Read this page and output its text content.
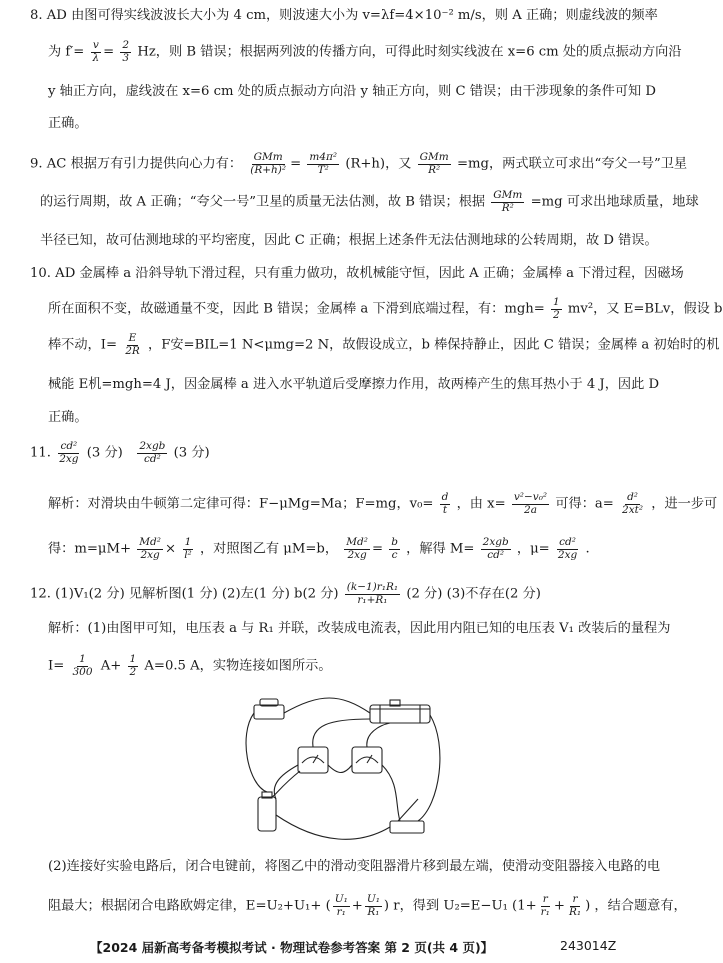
8. AD 由图可得实线波波长大小为 4 cm，则波速大小为 v=λf=4×10⁻² m/s，则 A 正确；则虚线波的频率
为 $f'= \frac{v}{\lambda} = \frac{2}{3}$ Hz，则 B 错误；根据两列波的传播方向，可得此时刻实线波在 x=6 cm 处的质点振动方向沿
y 轴正方向，虚线波在 x=6 cm 处的质点振动方向沿 y 轴正方向，则 C 错误；由干涉现象的条件可知 D
正确。
9. AC 根据万有引力提供向心力有： $\frac{\text{GMm}}{\text{(R+h)²}} = \frac{\text{m4π²}}{\text{T²}} (R+h)$，又 $\frac{\text{GMm}}{\text{R²}} =mg$，两式联立可求出“夸父一号”卫星
的运行周期，故 A 正确；“夸父一号”卫星的质量无法估测，故 B 错误；根据 $\frac{\text{GMm}}{\text{R²}} =mg$ 可求出地球质量，地球
半径已知，故可估测地球的平均密度，因此 C 正确；根据上述条件无法估测地球的公转周期，故 D 错误。
10. AD 金属棒 a 沿斜导轨下滑过程，只有重力做功，故机械能守恒，因此 A 正确；金属棒 a 下滑过程，因磁场
所在面积不变，故磁通量不变，因此 B 错误；金属棒 a 下滑到底端过程，有：$mgh= \frac{1}{2} mv^2$，又 E=BLv，假设 b
棒不动，$I= \frac{E}{2R}$ ，F安=BIL=1 N<μmg=2 N，故假设成立，b 棒保持静止，因此 C 错误；金属棒 a 初始时的机
械能 E机=mgh=4 J，因金属棒 a 进入水平轨道后受摩擦力作用，故两棒产生的焦耳热小于 4 J，因此 D
正确。
11. $\frac{\text{cd²}}{2xg} (3$ 分) $\frac{\text{2xgb}}{\text{cd²}} (3$ 分)
解析：对滑块由牛顿第二定律可得：F−μMg=Ma；F=mg，$v_0= \frac{d}{t}$ ，由 $x= \frac{\text{v²−v₀²}}{2a}$ 可得：$a= \frac{\text{d²}}{\text{2xt²}}$ ，进一步可
得：$m=\mu M+ \frac{\text{Md²}}{2xg} \times \frac{1}{\text{l²}}$ ，对照图乙有 μM=b， $\frac{\text{Md²}}{2xg} = \frac{b}{c}$ ，解得 $M= \frac{\text{2xgb}}{\text{cd²}}$ ，$\mu= \frac{\text{cd²}}{2xg}$ .
12. (1)V₁(2 分) 见解析图(1 分) (2)左(1 分) b(2 分) $\frac{\text{(k−1)r₁R₁}}{\text{r₁+R₁}} (2$ 分) (3)不存在(2 分)
解析：(1)由图甲可知，电压表 a 与 R₁ 并联，改装成电流表，因此用内阻已知的电压表 V₁ 改装后的量程为
$I= \frac{1}{300} A+ \frac{1}{2} A=0.5$ A，实物连接如图所示。
(2)连接好实验电路后，闭合电键前，将图乙中的滑动变阻器滑片移到最左端，使滑动变阻器接入电路的电
阻最大；根据闭合电路欧姆定律，E=U₂+U₁+ ( $\frac{\text{U₁}}{\text{r₁}} + \frac{\text{U₁}}{\text{R₁}}$ ) r，得到 U₂=E−U₁ ($1+ \frac{r}{\text{r₁}} + \frac{r}{\text{R₁}}$ ) ，结合题意有，
【2024 届新高考备考模拟考试 · 物理试卷参考答案 第 2 页(共 4 页)】	243014Z
